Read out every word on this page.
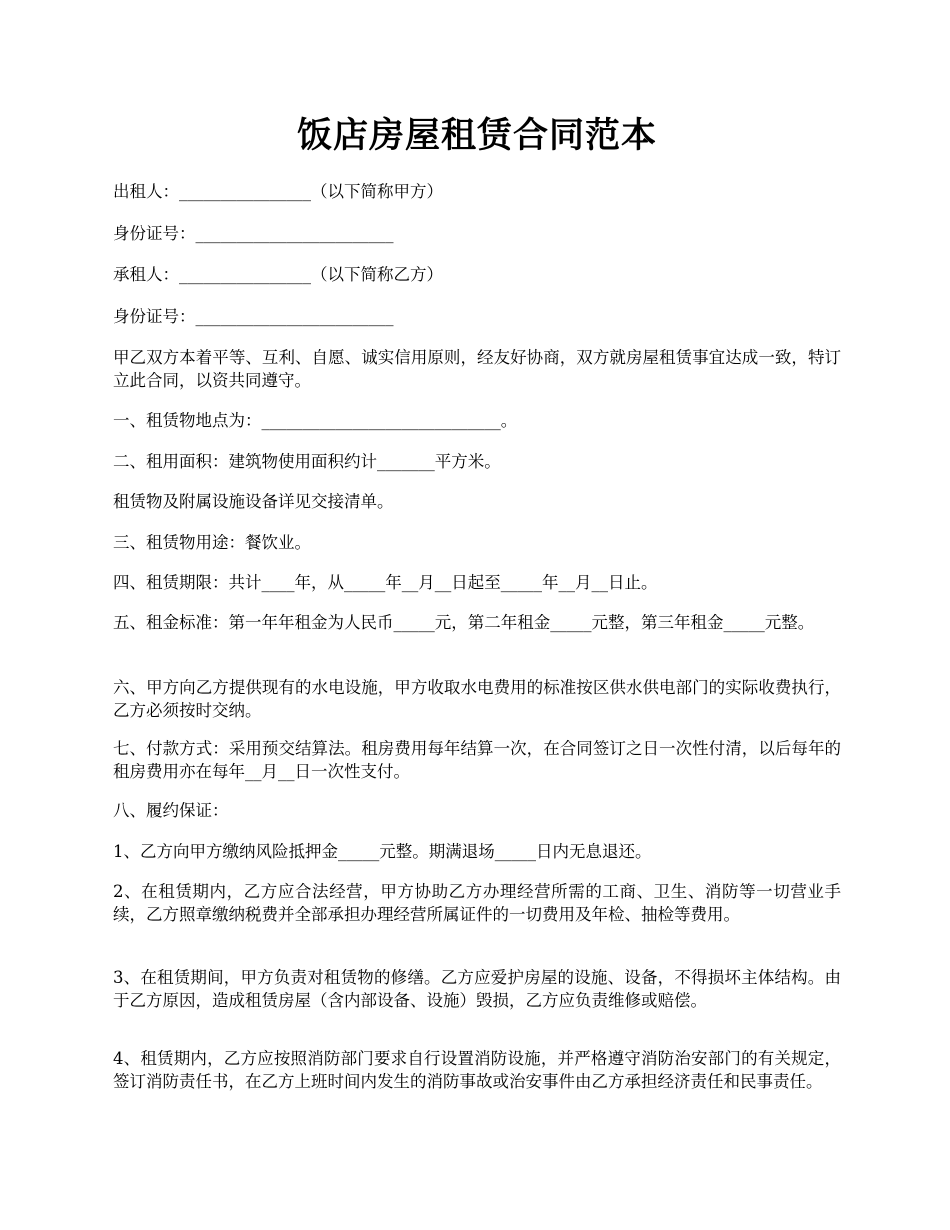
饭店房屋租赁合同范本

出租人：________________（以下简称甲方）

身份证号：________________________

承租人：________________（以下简称乙方）

身份证号：________________________

甲乙双方本着平等、互利、自愿、诚实信用原则，经友好协商，双方就房屋租赁事宜达成一致，特订立此合同，以资共同遵守。

一、租赁物地点为：_____________________________。

二、租用面积：建筑物使用面积约计_______平方米。

租赁物及附属设施设备详见交接清单。

三、租赁物用途：餐饮业。

四、租赁期限：共计____年，从_____年__月__日起至_____年__月__日止。

五、租金标准：第一年年租金为人民币_____元，第二年租金_____元整，第三年租金_____元整。

六、甲方向乙方提供现有的水电设施，甲方收取水电费用的标准按区供水供电部门的实际收费执行，乙方必须按时交纳。

七、付款方式：采用预交结算法。租房费用每年结算一次，在合同签订之日一次性付清，以后每年的租房费用亦在每年__月__日一次性支付。

八、履约保证：

1、乙方向甲方缴纳风险抵押金_____元整。期满退场_____日内无息退还。

2、在租赁期内，乙方应合法经营，甲方协助乙方办理经营所需的工商、卫生、消防等一切营业手续，乙方照章缴纳税费并全部承担办理经营所属证件的一切费用及年检、抽检等费用。

3、在租赁期间，甲方负责对租赁物的修缮。乙方应爱护房屋的设施、设备，不得损坏主体结构。由于乙方原因，造成租赁房屋（含内部设备、设施）毁损，乙方应负责维修或赔偿。

4、租赁期内，乙方应按照消防部门要求自行设置消防设施，并严格遵守消防治安部门的有关规定，签订消防责任书，在乙方上班时间内发生的消防事故或治安事件由乙方承担经济责任和民事责任。
